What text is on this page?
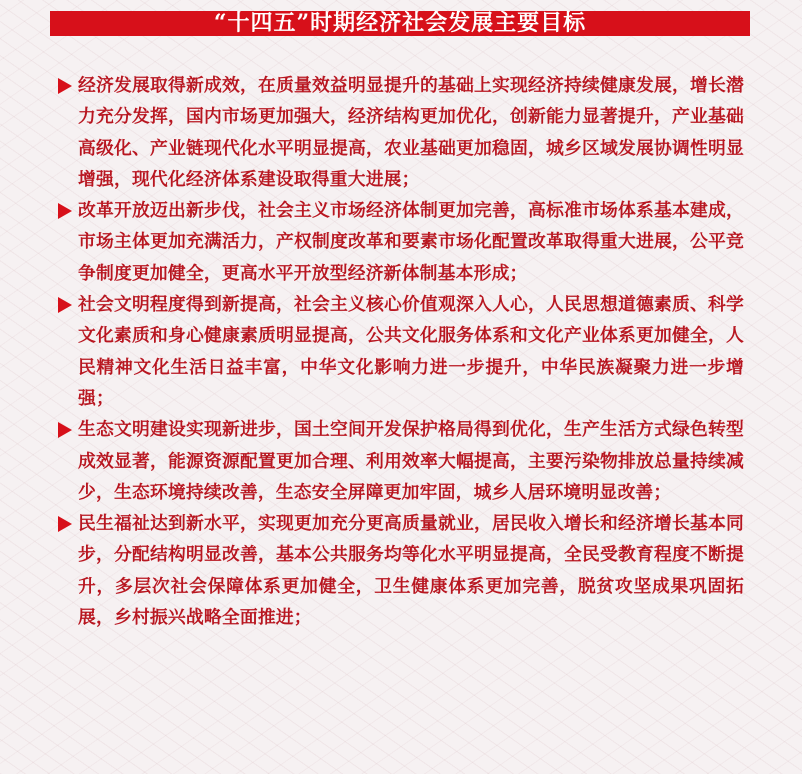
“十四五”时期经济社会发展主要目标
经济发展取得新成效，在质量效益明显提升的基础上实现经济持续健康发展，增长潜力充分发挥，国内市场更加强大，经济结构更加优化，创新能力显著提升，产业基础高级化、产业链现代化水平明显提高，农业基础更加稳固，城乡区域发展协调性明显增强，现代化经济体系建设取得重大进展；
改革开放迈出新步伐，社会主义市场经济体制更加完善，高标准市场体系基本建成，市场主体更加充满活力，产权制度改革和要素市场化配置改革取得重大进展，公平竞争制度更加健全，更高水平开放型经济新体制基本形成；
社会文明程度得到新提高，社会主义核心价值观深入人心，人民思想道德素质、科学文化素质和身心健康素质明显提高，公共文化服务体系和文化产业体系更加健全，人民精神文化生活日益丰富，中华文化影响力进一步提升，中华民族凝聚力进一步增强；
生态文明建设实现新进步，国土空间开发保护格局得到优化，生产生活方式绿色转型成效显著，能源资源配置更加合理、利用效率大幅提高，主要污染物排放总量持续减少，生态环境持续改善，生态安全屏障更加牢固，城乡人居环境明显改善；
民生福祉达到新水平，实现更加充分更高质量就业，居民收入增长和经济增长基本同步，分配结构明显改善，基本公共服务均等化水平明显提高，全民受教育程度不断提升，多层次社会保障体系更加健全，卫生健康体系更加完善，脱贫攻坚成果巩固拓展，乡村振兴战略全面推进；
